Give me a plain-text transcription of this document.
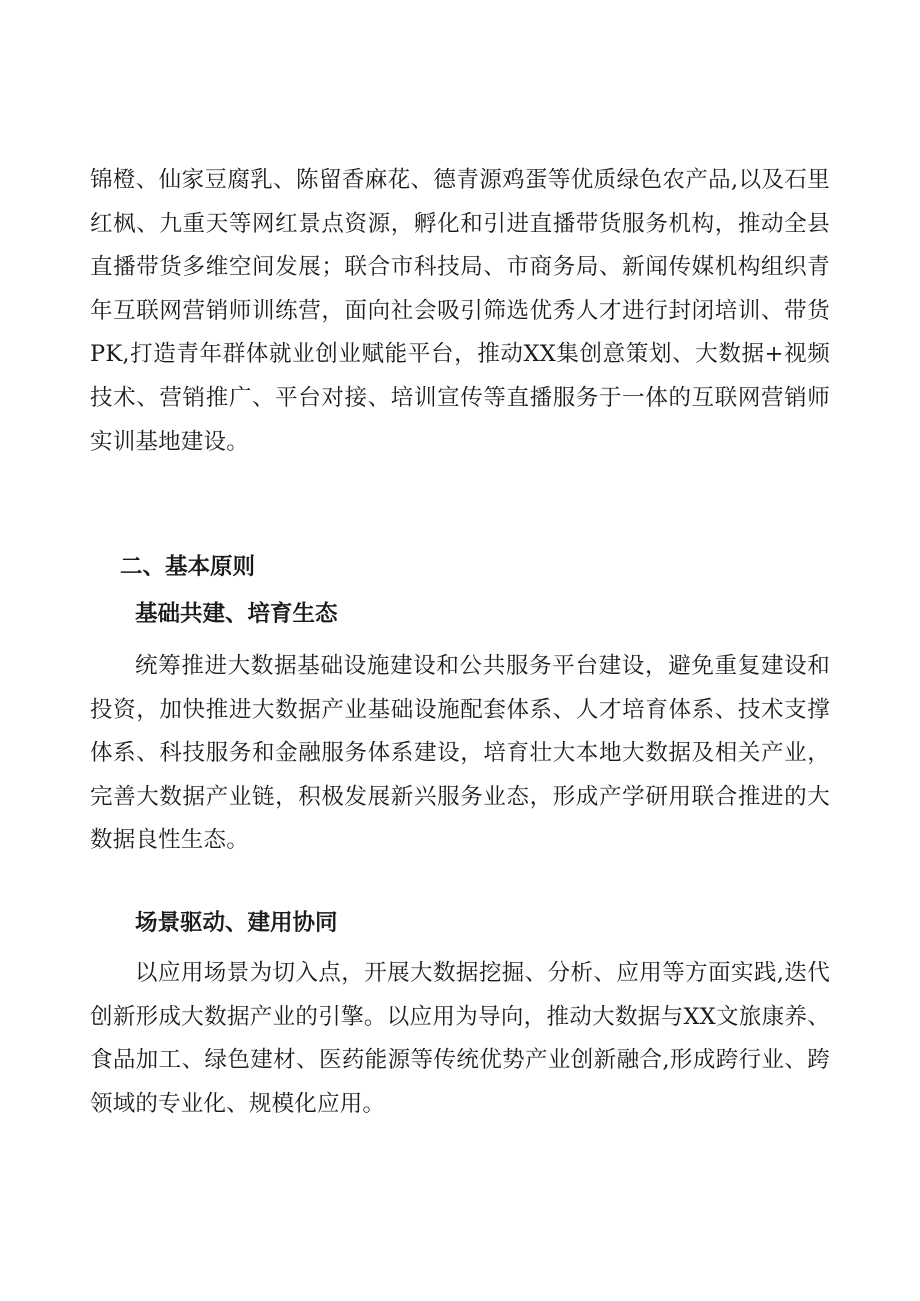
锦橙、仙家豆腐乳、陈留香麻花、德青源鸡蛋等优质绿色农产品,以及石里红枫、九重天等网红景点资源，孵化和引进直播带货服务机构，推动全县直播带货多维空间发展；联合市科技局、市商务局、新闻传媒机构组织青年互联网营销师训练营，面向社会吸引筛选优秀人才进行封闭培训、带货PK,打造青年群体就业创业赋能平台，推动XX集创意策划、大数据+视频技术、营销推广、平台对接、培训宣传等直播服务于一体的互联网营销师实训基地建设。

二、基本原则
基础共建、培育生态

统筹推进大数据基础设施建设和公共服务平台建设，避免重复建设和投资，加快推进大数据产业基础设施配套体系、人才培育体系、技术支撑体系、科技服务和金融服务体系建设，培育壮大本地大数据及相关产业，完善大数据产业链，积极发展新兴服务业态，形成产学研用联合推进的大数据良性生态。

场景驱动、建用协同

以应用场景为切入点，开展大数据挖掘、分析、应用等方面实践,迭代创新形成大数据产业的引擎。以应用为导向，推动大数据与XX文旅康养、食品加工、绿色建材、医药能源等传统优势产业创新融合,形成跨行业、跨领域的专业化、规模化应用。
